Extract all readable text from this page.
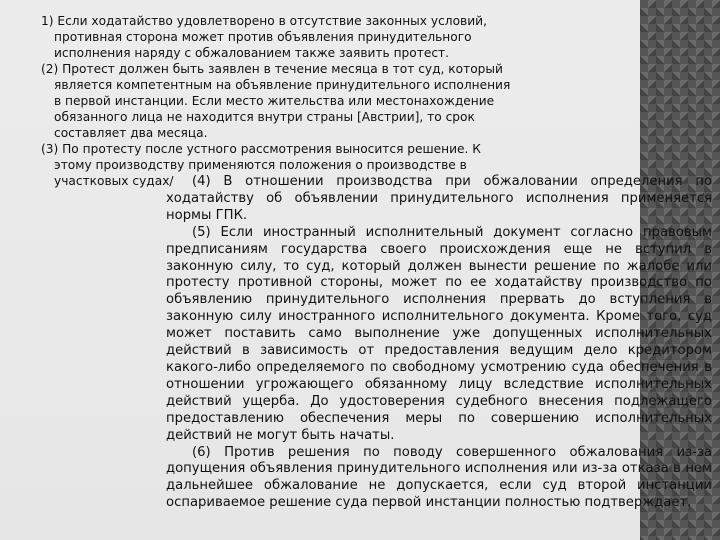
1) Если ходатайство удовлетворено в отсутствие законных условий, противная сторона может против объявления принудительного исполнения наряду с обжалованием также заявить протест.

(2) Протест должен быть заявлен в течение месяца в тот суд, который является компетентным на объявление принудительного исполнения в первой инстанции. Если место жительства или местонахождение обязанного лица не находится внутри страны [Австрии], то срок составляет два месяца.

(3) По протесту после устного рассмотрения выносится решение. К этому производству применяются положения о производстве в участковых судах/	(4) В отношении производства при обжаловании определения по ходатайству об объявлении принудительного исполнения применяется нормы ГПК.

(5) Если иностранный исполнительный документ согласно правовым предписаниям государства своего происхождения еще не вступил в законную силу, то суд, который должен вынести решение по жалобе или протесту противной стороны, может по ее ходатайству производство по объявлению принудительного исполнения прервать до вступления в законную силу иностранного исполнительного документа. Кроме того, суд может поставить само выполнение уже допущенных исполнительных действий в зависимость от предоставления ведущим дело кредитором какого-либо определяемого по свободному усмотрению суда обеспечения в отношении угрожающего обязанному лицу вследствие исполнительных действий ущерба. До удостоверения судебного внесения подлежащего предоставлению обеспечения меры по совершению исполнительных действий не могут быть начаты.

(6) Против решения по поводу совершенного обжалования из-за допущения объявления принудительного исполнения или из-за отказа в нем дальнейшее обжалование не допускается, если суд второй инстанции оспариваемое решение суда первой инстанции полностью подтверждает.
